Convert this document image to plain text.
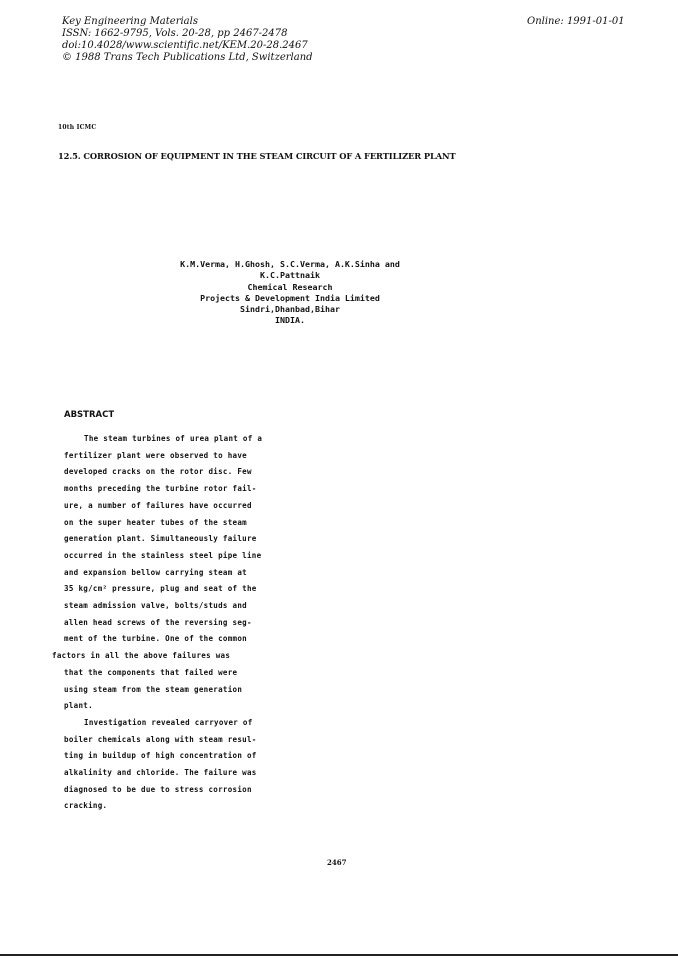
Key Engineering Materials
ISSN: 1662-9795, Vols. 20-28, pp 2467-2478
doi:10.4028/www.scientific.net/KEM.20-28.2467
© 1988 Trans Tech Publications Ltd, Switzerland
Online: 1991-01-01
10th ICMC
12.5. CORROSION OF EQUIPMENT IN THE STEAM CIRCUIT OF A FERTILIZER PLANT
K.M.Verma, H.Ghosh, S.C.Verma, A.K.Sinha and
K.C.Pattnaik
Chemical Research
Projects & Development India Limited
Sindri,Dhanbad,Bihar
INDIA.
ABSTRACT
The steam turbines of urea plant of a
fertilizer plant were observed to have
developed cracks on the rotor disc. Few
months preceding the turbine rotor fail-
ure, a number of failures have occurred
on the super heater tubes of the steam
generation plant. Simultaneously failure
occurred in the stainless steel pipe line
and expansion bellow carrying steam at
35 kg/cm² pressure, plug and seat of the
steam admission valve, bolts/studs and
allen head screws of the reversing seg-
ment of the turbine. One of the common
factors in all the above failures was
that the components that failed were
using steam from the steam generation
plant.
Investigation revealed carryover of
boiler chemicals along with steam resul-
ting in buildup of high concentration of
alkalinity and chloride. The failure was
diagnosed to be due to stress corrosion
cracking.
2467
